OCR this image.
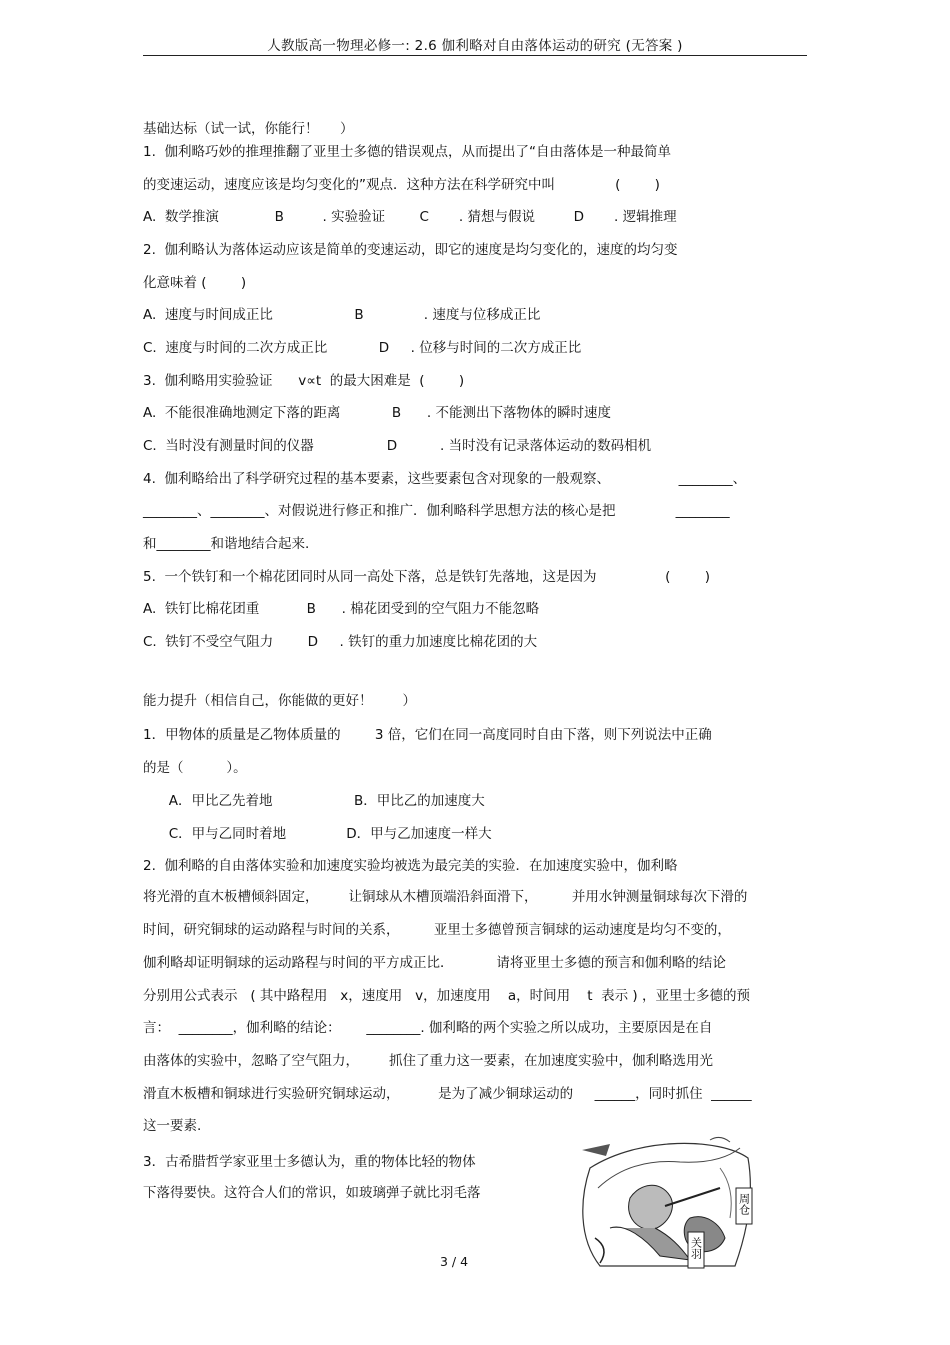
人教版高一物理必修一: 2.6 伽利略对自由落体运动的研究 (无答案 )
基础达标（试一试，你能行！     ）
1.  伽利略巧妙的推理推翻了亚里士多德的错误观点，从而提出了“自由落体是一种最简单
的变速运动，速度应该是均匀变化的”观点．这种方法在科学研究中叫              (        )
A.  数学推演             B         . 实验验证        C       . 猜想与假说         D       . 逻辑推理
2.  伽利略认为落体运动应该是简单的变速运动，即它的速度是均匀变化的，速度的均匀变
化意味着 (        )
A.  速度与时间成正比                   B              . 速度与位移成正比
C.  速度与时间的二次方成正比            D     . 位移与时间的二次方成正比
3.  伽利略用实验验证      v∝t  的最大困难是  (        )
A.  不能很准确地测定下落的距离            B      . 不能测出下落物体的瞬时速度
C.  当时没有测量时间的仪器                 D          . 当时没有记录落体运动的数码相机
4.  伽利略给出了科学研究过程的基本要素，这些要素包含对现象的一般观察、                ________、
________、________、对假说进行修正和推广．伽利略科学思想方法的核心是把              ________
和________和谐地结合起来.
5.  一个铁钉和一个棉花团同时从同一高处下落，总是铁钉先落地，这是因为                (        )
A.  铁钉比棉花团重           B      . 棉花团受到的空气阻力不能忽略
C.  铁钉不受空气阻力        D     . 铁钉的重力加速度比棉花团的大
能力提升（相信自己，你能做的更好！       ）
1．甲物体的质量是乙物体质量的        3 倍，它们在同一高度同时自由下落，则下列说法中正确
的是（          ）。
A．甲比乙先着地                   B．甲比乙的加速度大
C．甲与乙同时着地              D．甲与乙加速度一样大
2.  伽利略的自由落体实验和加速度实验均被选为最完美的实验．在加速度实验中，伽利略
将光滑的直木板槽倾斜固定，       让铜球从木槽顶端沿斜面滑下，        并用水钟测量铜球每次下滑的
时间，研究铜球的运动路程与时间的关系，        亚里士多德曾预言铜球的运动速度是均匀不变的，
伽利略却证明铜球的运动路程与时间的平方成正比．          请将亚里士多德的预言和伽利略的结论
分别用公式表示   ( 其中路程用   x，速度用   v，加速度用    a，时间用    t  表示 ) ，亚里士多德的预
言：  ________，伽利略的结论：      ________. 伽利略的两个实验之所以成功，主要原因是在自
由落体的实验中，忽略了空气阻力，       抓住了重力这一要素，在加速度实验中，伽利略选用光
滑直木板槽和铜球进行实验研究铜球运动，         是为了减少铜球运动的     ______，同时抓住  ______
这一要素.
3．古希腊哲学家亚里士多德认为，重的物体比轻的物体
下落得要快。这符合人们的常识，如玻璃弹子就比羽毛落	周仓
关羽
3 / 4
